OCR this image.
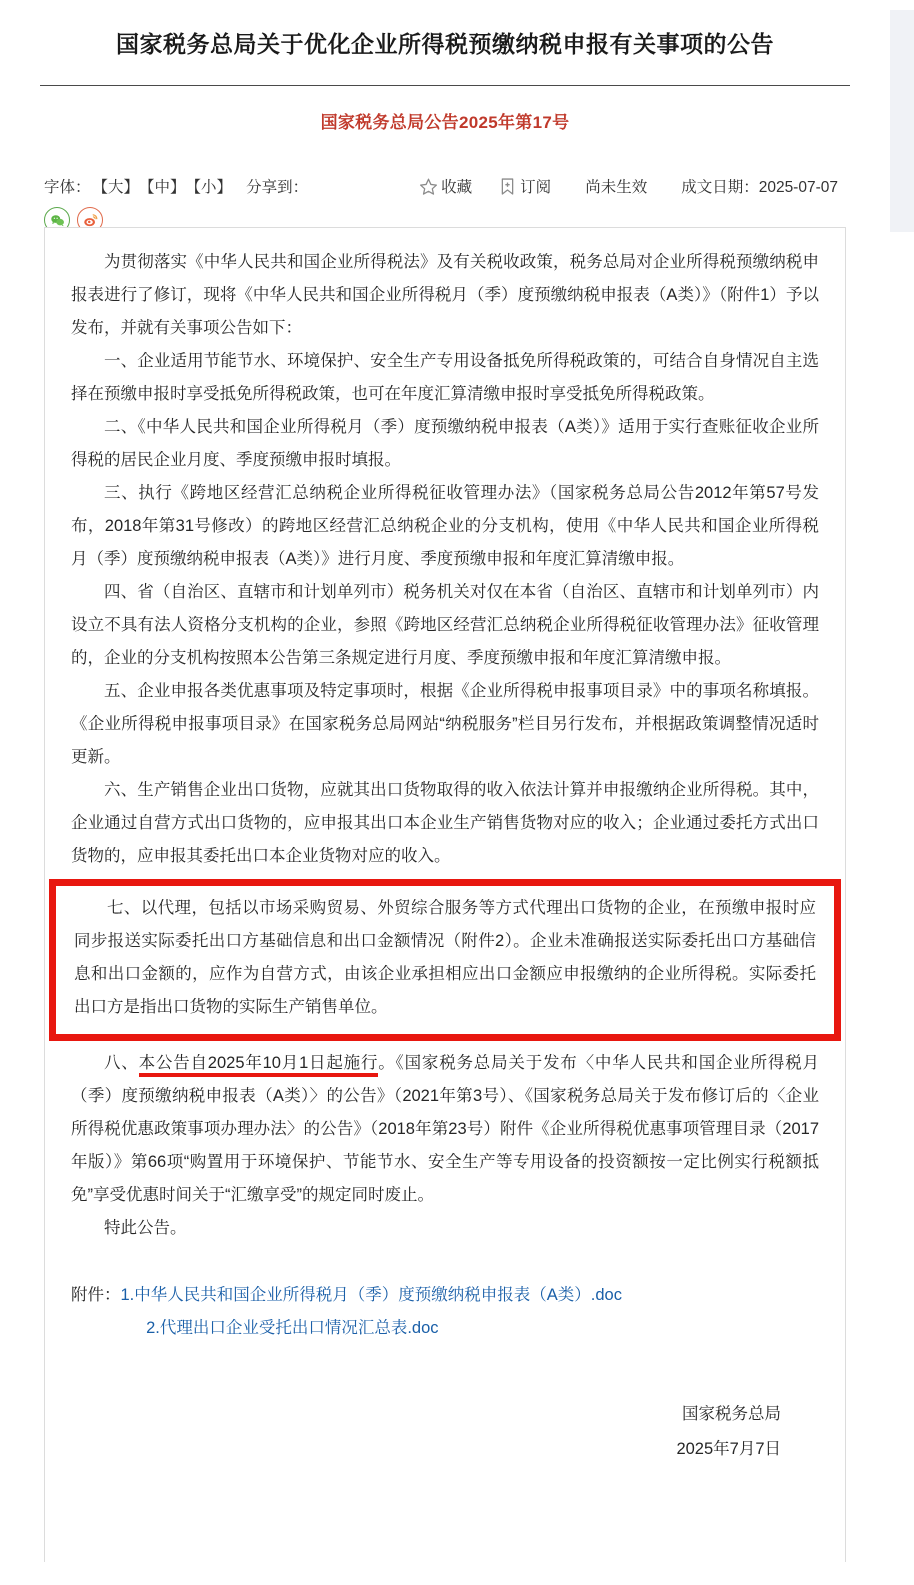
国家税务总局关于优化企业所得税预缴纳税申报有关事项的公告
国家税务总局公告2025年第17号
字体： 【大】 【中】 【小】 分享到：	收藏	订阅 尚未生效 成文日期：2025-07-07

为贯彻落实《中华人民共和国企业所得税法》及有关税收政策，税务总局对企业所得税预缴纳税申报表进行了修订，现将《中华人民共和国企业所得税月（季）度预缴纳税申报表（A类）》（附件1）予以发布，并就有关事项公告如下：

一、企业适用节能节水、环境保护、安全生产专用设备抵免所得税政策的，可结合自身情况自主选择在预缴申报时享受抵免所得税政策，也可在年度汇算清缴申报时享受抵免所得税政策。

二、《中华人民共和国企业所得税月（季）度预缴纳税申报表（A类）》适用于实行查账征收企业所得税的居民企业月度、季度预缴申报时填报。

三、执行《跨地区经营汇总纳税企业所得税征收管理办法》（国家税务总局公告2012年第57号发布，2018年第31号修改）的跨地区经营汇总纳税企业的分支机构，使用《中华人民共和国企业所得税月（季）度预缴纳税申报表（A类）》进行月度、季度预缴申报和年度汇算清缴申报。

四、省（自治区、直辖市和计划单列市）税务机关对仅在本省（自治区、直辖市和计划单列市）内设立不具有法人资格分支机构的企业，参照《跨地区经营汇总纳税企业所得税征收管理办法》征收管理的，企业的分支机构按照本公告第三条规定进行月度、季度预缴申报和年度汇算清缴申报。

五、企业申报各类优惠事项及特定事项时，根据《企业所得税申报事项目录》中的事项名称填报。《企业所得税申报事项目录》在国家税务总局网站“纳税服务”栏目另行发布，并根据政策调整情况适时更新。

六、生产销售企业出口货物，应就其出口货物取得的收入依法计算并申报缴纳企业所得税。其中，企业通过自营方式出口货物的，应申报其出口本企业生产销售货物对应的收入；企业通过委托方式出口货物的，应申报其委托出口本企业货物对应的收入。

七、以代理，包括以市场采购贸易、外贸综合服务等方式代理出口货物的企业，在预缴申报时应同步报送实际委托出口方基础信息和出口金额情况（附件2）。企业未准确报送实际委托出口方基础信息和出口金额的，应作为自营方式，由该企业承担相应出口金额应申报缴纳的企业所得税。实际委托出口方是指出口货物的实际生产销售单位。

八、本公告自2025年10月1日起施行。《国家税务总局关于发布〈中华人民共和国企业所得税月（季）度预缴纳税申报表（A类）〉的公告》（2021年第3号）、《国家税务总局关于发布修订后的〈企业所得税优惠政策事项办理办法〉的公告》（2018年第23号）附件《企业所得税优惠事项管理目录（2017年版）》第66项“购置用于环境保护、节能节水、安全生产等专用设备的投资额按一定比例实行税额抵免”享受优惠时间关于“汇缴享受”的规定同时废止。

特此公告。

附件：1.中华人民共和国企业所得税月（季）度预缴纳税申报表（A类）.doc
2.代理出口企业受托出口情况汇总表.doc
国家税务总局
2025年7月7日
